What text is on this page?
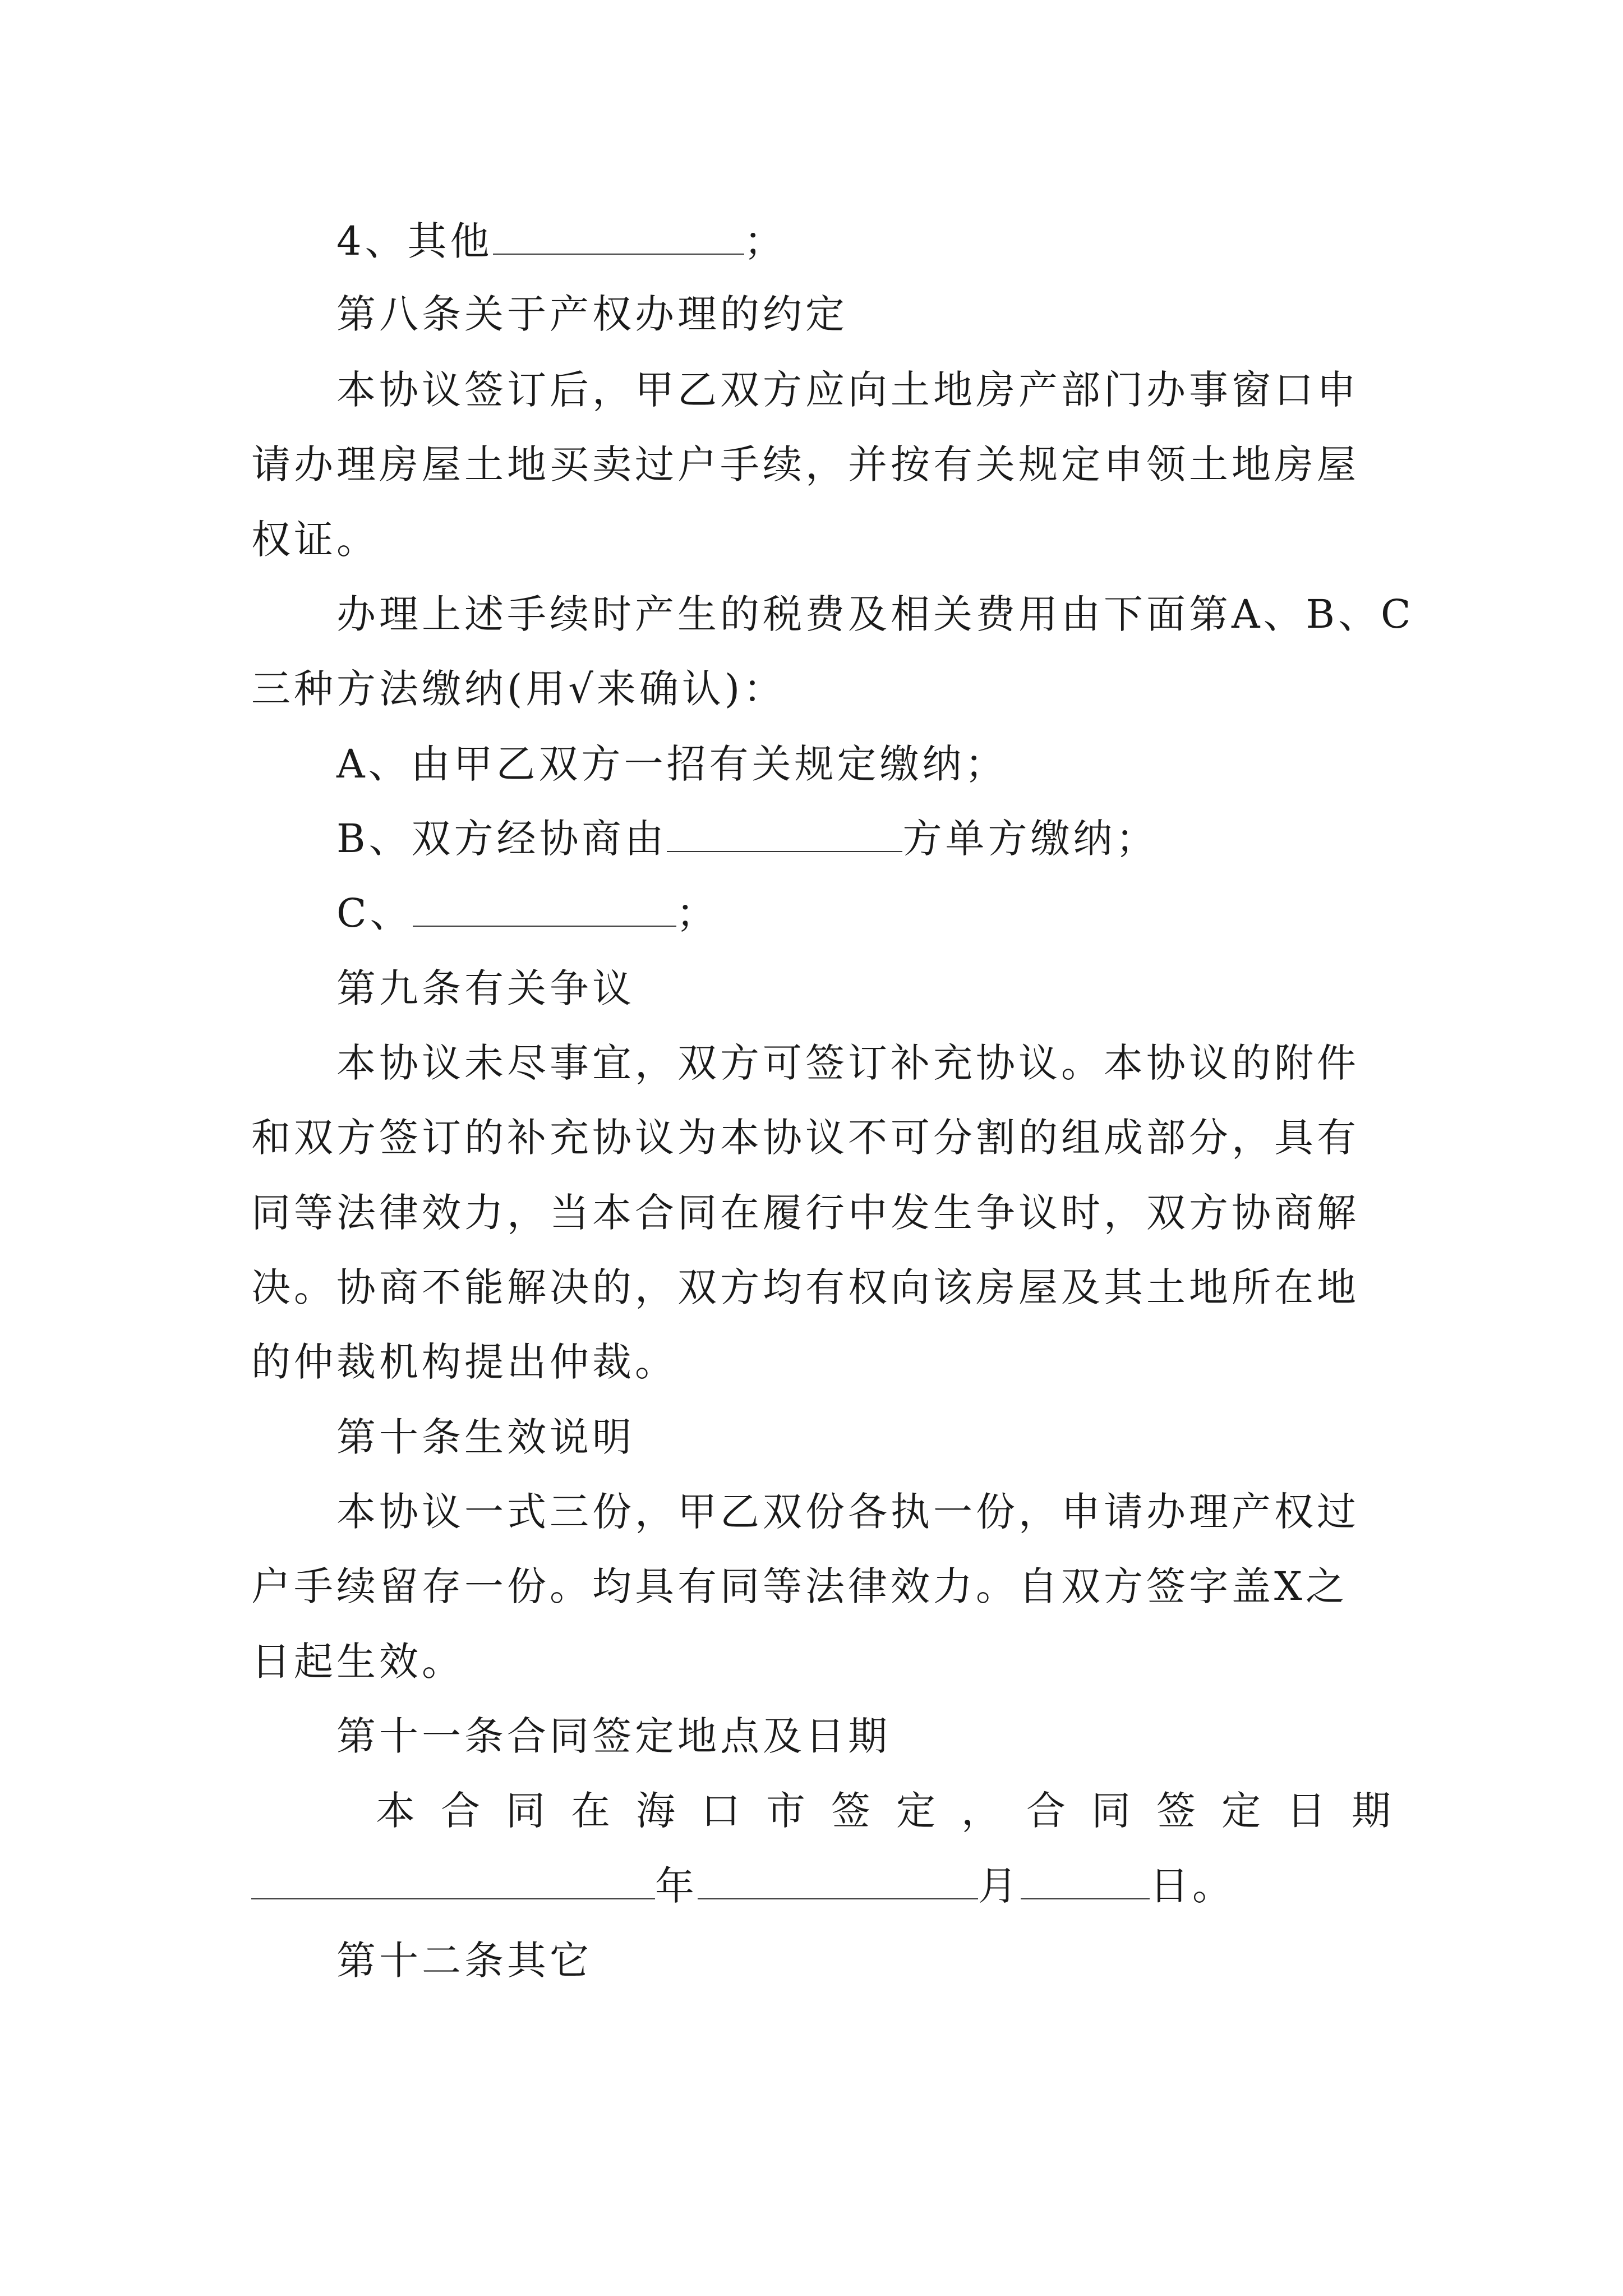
4、其他	；
第八条关于产权办理的约定
本协议签订后，甲乙双方应向土地房产部门办事窗口申
请办理房屋土地买卖过户手续，并按有关规定申领土地房屋
权证。
办理上述手续时产生的税费及相关费用由下面第A、B、C
三种方法缴纳(用√来确认)：
A、由甲乙双方一招有关规定缴纳；
B、双方经协商由	方单方缴纳；
C、	；
第九条有关争议
本协议未尽事宜，双方可签订补充协议。本协议的附件
和双方签订的补充协议为本协议不可分割的组成部分，具有
同等法律效力，当本合同在履行中发生争议时，双方协商解
决。协商不能解决的，双方均有权向该房屋及其土地所在地
的仲裁机构提出仲裁。
第十条生效说明
本协议一式三份，甲乙双份各执一份，申请办理产权过
户手续留存一份。均具有同等法律效力。自双方签字盖X之
日起生效。
第十一条合同签定地点及日期
本合同在海口市签定，合同签定日期
年	月	日。
第十二条其它
